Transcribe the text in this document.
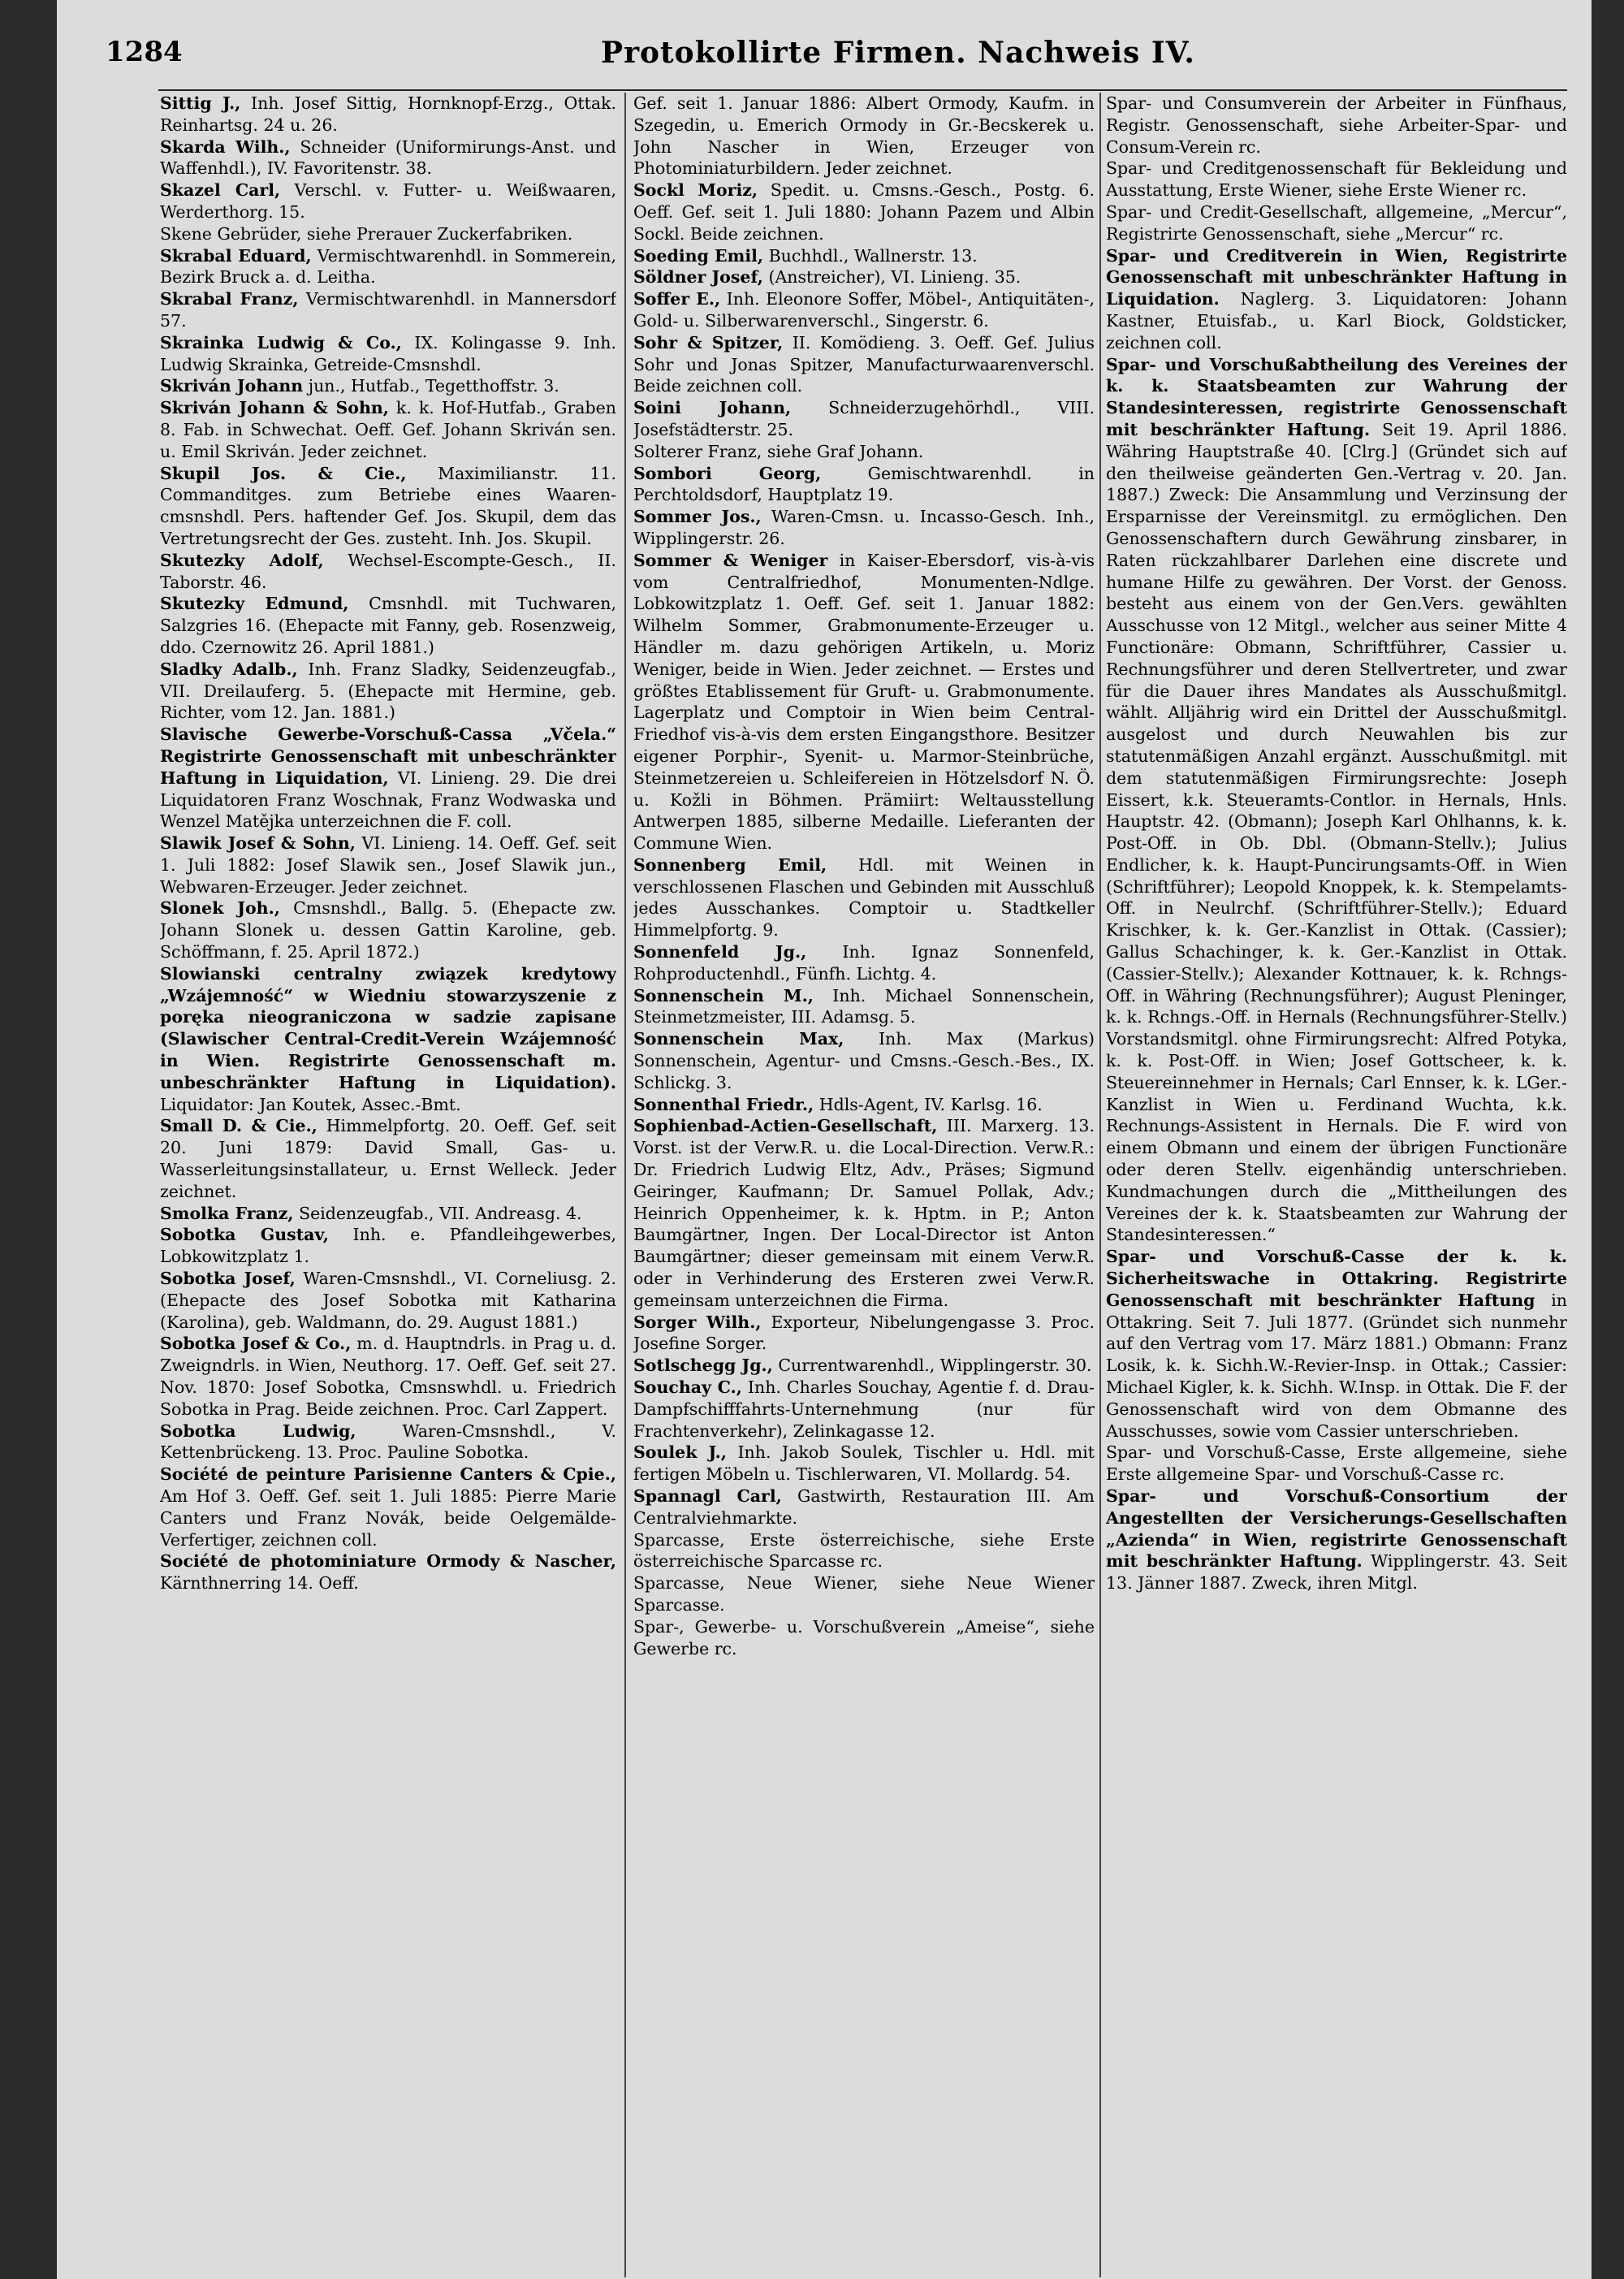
1284	Protokollirte Firmen. Nachweis IV.

Sittig J., Inh. Josef Sittig, Hornknopf-Erzg., Ottak. Reinhartsg. 24 u. 26.

Skarda Wilh., Schneider (Uniformirungs-Anst. und Waffenhdl.), IV. Favoritenstr. 38.

Skazel Carl, Verschl. v. Futter- u. Weißwaaren, Werderthorg. 15.

Skene Gebrüder, siehe Prerauer Zuckerfabriken.

Skrabal Eduard, Vermischtwarenhdl. in Sommerein, Bezirk Bruck a. d. Leitha.

Skrabal Franz, Vermischtwarenhdl. in Mannersdorf 57.

Skrainka Ludwig & Co., IX. Kolingasse 9. Inh. Ludwig Skrainka, Getreide-Cmsnshdl.

Skriván Johann jun., Hutfab., Tegetthoffstr. 3.

Skriván Johann & Sohn, k. k. Hof-Hutfab., Graben 8. Fab. in Schwechat. Oeff. Gef. Johann Skriván sen. u. Emil Skriván. Jeder zeichnet.

Skupil Jos. & Cie., Maximilianstr. 11. Commanditges. zum Betriebe eines Waaren-cmsnshdl. Pers. haftender Gef. Jos. Skupil, dem das Vertretungsrecht der Ges. zusteht. Inh. Jos. Skupil.

Skutezky Adolf, Wechsel-Escompte-Gesch., II. Taborstr. 46.

Skutezky Edmund, Cmsnhdl. mit Tuchwaren, Salzgries 16. (Ehepacte mit Fanny, geb. Rosenzweig, ddo. Czernowitz 26. April 1881.)

Sladky Adalb., Inh. Franz Sladky, Seidenzeugfab., VII. Dreilauferg. 5. (Ehepacte mit Hermine, geb. Richter, vom 12. Jan. 1881.)

Slavische Gewerbe-Vorschuß-Cassa „Včela.“ Registrirte Genossenschaft mit unbeschränkter Haftung in Liquidation, VI. Linieng. 29. Die drei Liquidatoren Franz Woschnak, Franz Wodwaska und Wenzel Matějka unterzeichnen die F. coll.

Slawik Josef & Sohn, VI. Linieng. 14. Oeff. Gef. seit 1. Juli 1882: Josef Slawik sen., Josef Slawik jun., Webwaren-Erzeuger. Jeder zeichnet.

Slonek Joh., Cmsnshdl., Ballg. 5. (Ehepacte zw. Johann Slonek u. dessen Gattin Karoline, geb. Schöffmann, f. 25. April 1872.)

Slowianski centralny związek kredytowy „Wzájemność“ w Wiedniu stowarzyszenie z poręka nieograniczona w sadzie zapisane (Slawischer Central-Credit-Verein Wzájemność in Wien. Registrirte Genossenschaft m. unbeschränkter Haftung in Liquidation). Liquidator: Jan Koutek, Assec.-Bmt.

Small D. & Cie., Himmelpfortg. 20. Oeff. Gef. seit 20. Juni 1879: David Small, Gas- u. Wasserleitungsinstallateur, u. Ernst Welleck. Jeder zeichnet.

Smolka Franz, Seidenzeugfab., VII. Andreasg. 4.

Sobotka Gustav, Inh. e. Pfandleihgewerbes, Lobkowitzplatz 1.

Sobotka Josef, Waren-Cmsnshdl., VI. Corneliusg. 2. (Ehepacte des Josef Sobotka mit Katharina (Karolina), geb. Waldmann, do. 29. August 1881.)

Sobotka Josef & Co., m. d. Hauptndrls. in Prag u. d. Zweigndrls. in Wien, Neuthorg. 17. Oeff. Gef. seit 27. Nov. 1870: Josef Sobotka, Cmsnswhdl. u. Friedrich Sobotka in Prag. Beide zeichnen. Proc. Carl Zappert.

Sobotka Ludwig, Waren-Cmsnshdl., V. Kettenbrückeng. 13. Proc. Pauline Sobotka.

Société de peinture Parisienne Canters & Cpie., Am Hof 3. Oeff. Gef. seit 1. Juli 1885: Pierre Marie Canters und Franz Novák, beide Oelgemälde-Verfertiger, zeichnen coll.

Société de photominiature Ormody & Nascher, Kärnthnerring 14. Oeff.

Gef. seit 1. Januar 1886: Albert Ormody, Kaufm. in Szegedin, u. Emerich Ormody in Gr.-Becskerek u. John Nascher in Wien, Erzeuger von Photominiaturbildern. Jeder zeichnet.

Sockl Moriz, Spedit. u. Cmsns.-Gesch., Postg. 6. Oeff. Gef. seit 1. Juli 1880: Johann Pazem und Albin Sockl. Beide zeichnen.

Soeding Emil, Buchhdl., Wallnerstr. 13.

Söldner Josef, (Anstreicher), VI. Linieng. 35.

Soffer E., Inh. Eleonore Soffer, Möbel-, Antiquitäten-, Gold- u. Silberwarenverschl., Singerstr. 6.

Sohr & Spitzer, II. Komödieng. 3. Oeff. Gef. Julius Sohr und Jonas Spitzer, Manufacturwaarenverschl. Beide zeichnen coll.

Soini Johann, Schneiderzugehörhdl., VIII. Josefstädterstr. 25.

Solterer Franz, siehe Graf Johann.

Sombori Georg, Gemischtwarenhdl. in Perchtoldsdorf, Hauptplatz 19.

Sommer Jos., Waren-Cmsn. u. Incasso-Gesch. Inh., Wipplingerstr. 26.

Sommer & Weniger in Kaiser-Ebersdorf, vis-à-vis vom Centralfriedhof, Monumenten-Ndlge. Lobkowitzplatz 1. Oeff. Gef. seit 1. Januar 1882: Wilhelm Sommer, Grabmonumente-Erzeuger u. Händler m. dazu gehörigen Artikeln, u. Moriz Weniger, beide in Wien. Jeder zeichnet. — Erstes und größtes Etablissement für Gruft- u. Grabmonumente. Lagerplatz und Comptoir in Wien beim Central-Friedhof vis-à-vis dem ersten Eingangsthore. Besitzer eigener Porphir-, Syenit- u. Marmor-Steinbrüche, Steinmetzereien u. Schleifereien in Hötzelsdorf N. Ö. u. Kožli in Böhmen. Prämiirt: Weltausstellung Antwerpen 1885, silberne Medaille. Lieferanten der Commune Wien.

Sonnenberg Emil, Hdl. mit Weinen in verschlossenen Flaschen und Gebinden mit Ausschluß jedes Ausschankes. Comptoir u. Stadtkeller Himmelpfortg. 9.

Sonnenfeld Jg., Inh. Ignaz Sonnenfeld, Rohproductenhdl., Fünfh. Lichtg. 4.

Sonnenschein M., Inh. Michael Sonnenschein, Steinmetzmeister, III. Adamsg. 5.

Sonnenschein Max, Inh. Max (Markus) Sonnenschein, Agentur- und Cmsns.-Gesch.-Bes., IX. Schlickg. 3.

Sonnenthal Friedr., Hdls-Agent, IV. Karlsg. 16.

Sophienbad-Actien-Gesellschaft, III. Marxerg. 13. Vorst. ist der Verw.R. u. die Local-Direction. Verw.R.: Dr. Friedrich Ludwig Eltz, Adv., Präses; Sigmund Geiringer, Kaufmann; Dr. Samuel Pollak, Adv.; Heinrich Oppenheimer, k. k. Hptm. in P.; Anton Baumgärtner, Ingen. Der Local-Director ist Anton Baumgärtner; dieser gemeinsam mit einem Verw.R. oder in Verhinderung des Ersteren zwei Verw.R. gemeinsam unterzeichnen die Firma.

Sorger Wilh., Exporteur, Nibelungengasse 3. Proc. Josefine Sorger.

Sotlschegg Jg., Currentwarenhdl., Wipplingerstr. 30.

Souchay C., Inh. Charles Souchay, Agentie f. d. Drau-Dampfschifffahrts-Unternehmung (nur für Frachtenverkehr), Zelinkagasse 12.

Soulek J., Inh. Jakob Soulek, Tischler u. Hdl. mit fertigen Möbeln u. Tischlerwaren, VI. Mollardg. 54.

Spannagl Carl, Gastwirth, Restauration III. Am Centralviehmarkte.

Sparcasse, Erste österreichische, siehe Erste österreichische Sparcasse rc.

Sparcasse, Neue Wiener, siehe Neue Wiener Sparcasse.

Spar-, Gewerbe- u. Vorschußverein „Ameise“, siehe Gewerbe rc.

Spar- und Consumverein der Arbeiter in Fünfhaus, Registr. Genossenschaft, siehe Arbeiter-Spar- und Consum-Verein rc.

Spar- und Creditgenossenschaft für Bekleidung und Ausstattung, Erste Wiener, siehe Erste Wiener rc.

Spar- und Credit-Gesellschaft, allgemeine, „Mercur“, Registrirte Genossenschaft, siehe „Mercur“ rc.

Spar- und Creditverein in Wien, Registrirte Genossenschaft mit unbeschränkter Haftung in Liquidation. Naglerg. 3. Liquidatoren: Johann Kastner, Etuisfab., u. Karl Biock, Goldsticker, zeichnen coll.

Spar- und Vorschußabtheilung des Vereines der k. k. Staatsbeamten zur Wahrung der Standesinteressen, registrirte Genossenschaft mit beschränkter Haftung. Seit 19. April 1886. Währing Hauptstraße 40. [Clrg.] (Gründet sich auf den theilweise geänderten Gen.-Vertrag v. 20. Jan. 1887.) Zweck: Die Ansammlung und Verzinsung der Ersparnisse der Vereinsmitgl. zu ermöglichen. Den Genossenschaftern durch Gewährung zinsbarer, in Raten rückzahlbarer Darlehen eine discrete und humane Hilfe zu gewähren. Der Vorst. der Genoss. besteht aus einem von der Gen.Vers. gewählten Ausschusse von 12 Mitgl., welcher aus seiner Mitte 4 Functionäre: Obmann, Schriftführer, Cassier u. Rechnungsführer und deren Stellvertreter, und zwar für die Dauer ihres Mandates als Ausschußmitgl. wählt. Alljährig wird ein Drittel der Ausschußmitgl. ausgelost und durch Neuwahlen bis zur statutenmäßigen Anzahl ergänzt. Ausschußmitgl. mit dem statutenmäßigen Firmirungsrechte: Joseph Eissert, k.k. Steueramts-Contlor. in Hernals, Hnls. Hauptstr. 42. (Obmann); Joseph Karl Ohlhanns, k. k. Post-Off. in Ob. Dbl. (Obmann-Stellv.); Julius Endlicher, k. k. Haupt-Puncirungsamts-Off. in Wien (Schriftführer); Leopold Knoppek, k. k. Stempelamts-Off. in Neulrchf. (Schriftführer-Stellv.); Eduard Krischker, k. k. Ger.-Kanzlist in Ottak. (Cassier); Gallus Schachinger, k. k. Ger.-Kanzlist in Ottak. (Cassier-Stellv.); Alexander Kottnauer, k. k. Rchngs-Off. in Währing (Rechnungsführer); August Pleninger, k. k. Rchngs.-Off. in Hernals (Rechnungsführer-Stellv.) Vorstandsmitgl. ohne Firmirungsrecht: Alfred Potyka, k. k. Post-Off. in Wien; Josef Gottscheer, k. k. Steuereinnehmer in Hernals; Carl Ennser, k. k. LGer.-Kanzlist in Wien u. Ferdinand Wuchta, k.k. Rechnungs-Assistent in Hernals. Die F. wird von einem Obmann und einem der übrigen Functionäre oder deren Stellv. eigenhändig unterschrieben. Kundmachungen durch die „Mittheilungen des Vereines der k. k. Staatsbeamten zur Wahrung der Standesinteressen.“

Spar- und Vorschuß-Casse der k. k. Sicherheitswache in Ottakring. Registrirte Genossenschaft mit beschränkter Haftung in Ottakring. Seit 7. Juli 1877. (Gründet sich nunmehr auf den Vertrag vom 17. März 1881.) Obmann: Franz Losik, k. k. Sichh.W.-Revier-Insp. in Ottak.; Cassier: Michael Kigler, k. k. Sichh. W.Insp. in Ottak. Die F. der Genossenschaft wird von dem Obmanne des Ausschusses, sowie vom Cassier unterschrieben.

Spar- und Vorschuß-Casse, Erste allgemeine, siehe Erste allgemeine Spar- und Vorschuß-Casse rc.

Spar- und Vorschuß-Consortium der Angestellten der Versicherungs-Gesellschaften „Azienda“ in Wien, registrirte Genossenschaft mit beschränkter Haftung. Wipplingerstr. 43. Seit 13. Jänner 1887. Zweck, ihren Mitgl.
